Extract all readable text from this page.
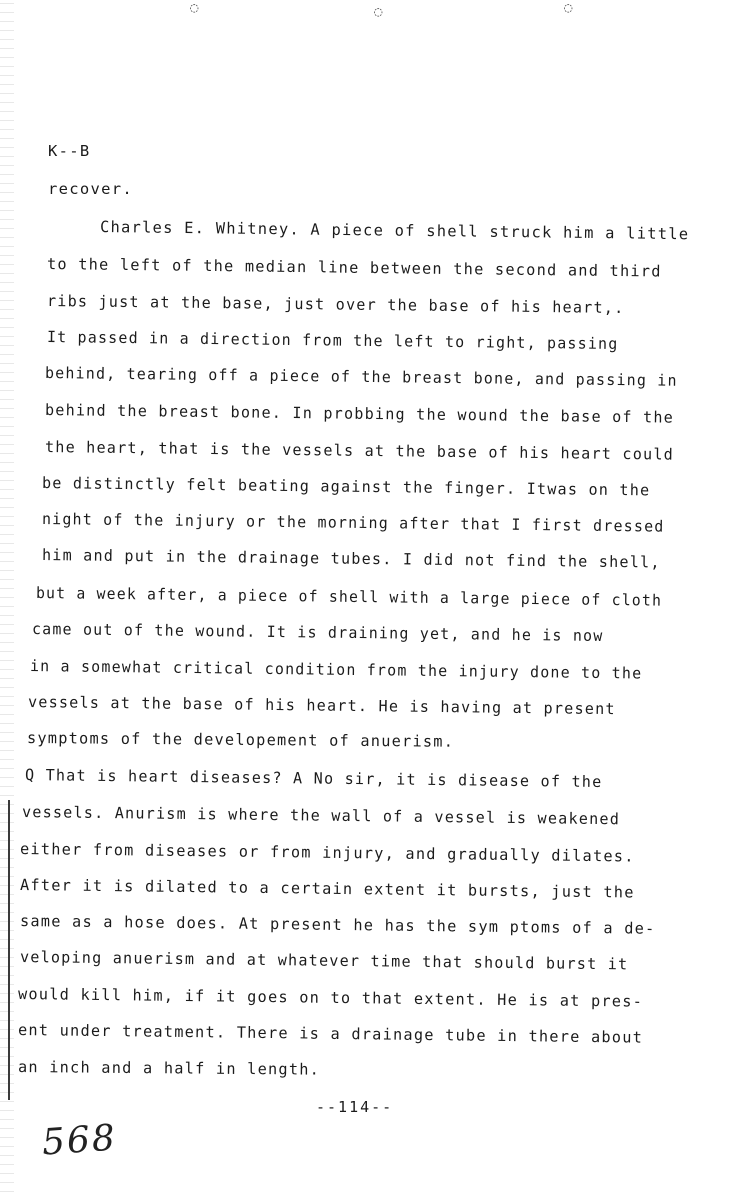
◌	◌	◌
K--B
recover.
Charles E. Whitney. A piece of shell struck him a little
to the left of the median line between the second and third
ribs just at the base, just over the base of his heart,.
It passed in a direction from the left to right, passing
behind, tearing off a piece of the breast bone, and passing in
behind the breast bone. In probbing the wound the base of the
the heart, that is the vessels at the base of his heart could
be distinctly felt beating against the finger. Itwas on the
night of the injury or the morning after that I first dressed
him and put in the drainage tubes. I did not find the shell,
but a week after, a piece of shell with a large piece of cloth
came out of the wound. It is draining yet, and he is now
in a somewhat critical condition from the injury done to the
vessels at the base of his heart. He is having at present
symptoms of the developement of anuerism.
Q That is heart diseases? A No sir, it is disease of the
vessels. Anurism is where the wall of a vessel is weakened
either from diseases or from injury, and gradually dilates.
After it is dilated to a certain extent it bursts, just the
same as a hose does. At present he has the sym ptoms of a de-
veloping anuerism and at whatever time that should burst it
would kill him, if it goes on to that extent. He is at pres-
ent under treatment. There is a drainage tube in there about
an inch and a half in length.
--114--
568
